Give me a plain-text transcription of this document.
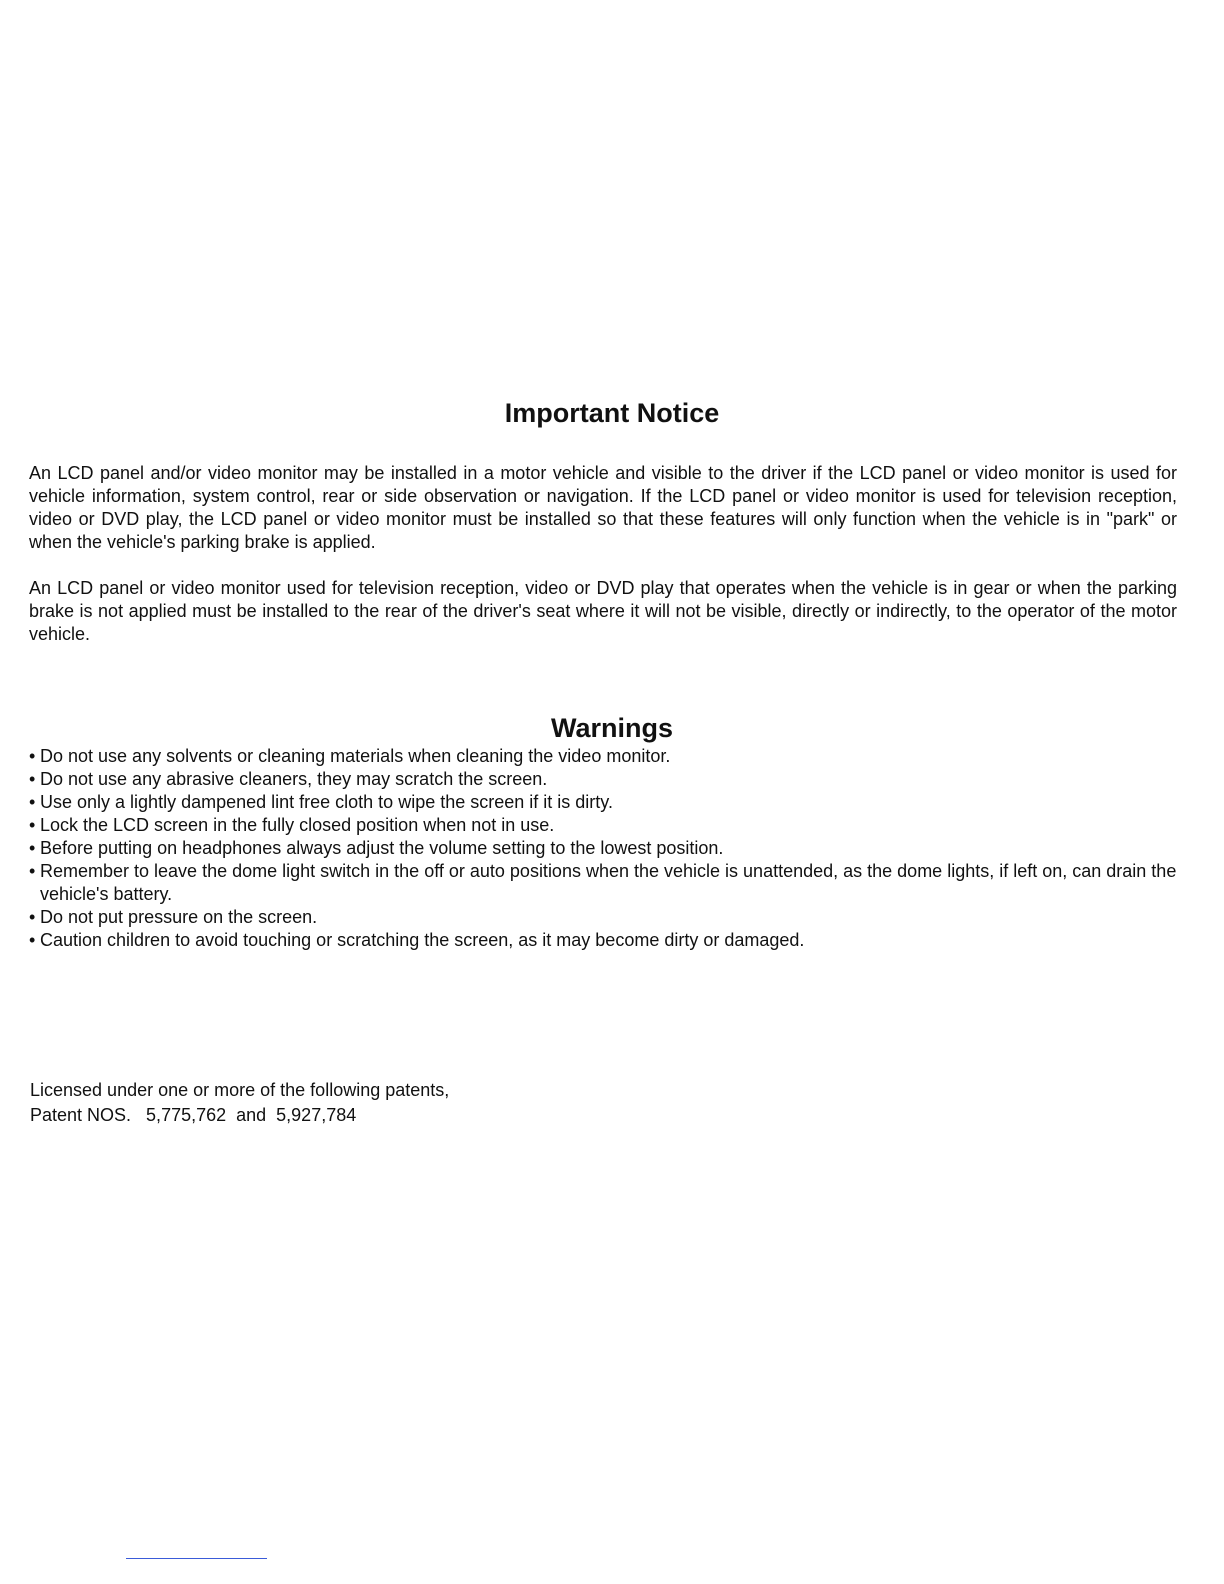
Important Notice

An LCD panel and/or video monitor may be installed in a motor vehicle and visible to the driver if the LCD panel or video monitor is used for vehicle information, system control, rear or side observation or navigation. If the LCD panel or video monitor is used for television reception, video or DVD play, the LCD panel or video monitor must be installed so that these features will only function when the vehicle is in "park" or when the vehicle's parking brake is applied.

An LCD panel or video monitor used for television reception, video or DVD play that operates when the vehicle is in gear or when the parking brake is not applied must be installed to the rear of the driver's seat where it will not be visible, directly or indirectly, to the operator of the motor vehicle.

Warnings
• Do not use any solvents or cleaning materials when cleaning the video monitor.
• Do not use any abrasive cleaners, they may scratch the screen.
• Use only a lightly dampened lint free cloth to wipe the screen if it is dirty.
• Lock the LCD screen in the fully closed position when not in use.
• Before putting on headphones always adjust the volume setting to the lowest position.
• Remember to leave the dome light switch in the off or auto positions when the vehicle is unattended, as the dome lights, if left on, can drain the vehicle's battery.
• Do not put pressure on the screen.
• Caution children to avoid touching or scratching the screen, as it may become dirty or damaged.

Licensed under one or more of the following patents,
Patent NOS.   5,775,762  and  5,927,784
